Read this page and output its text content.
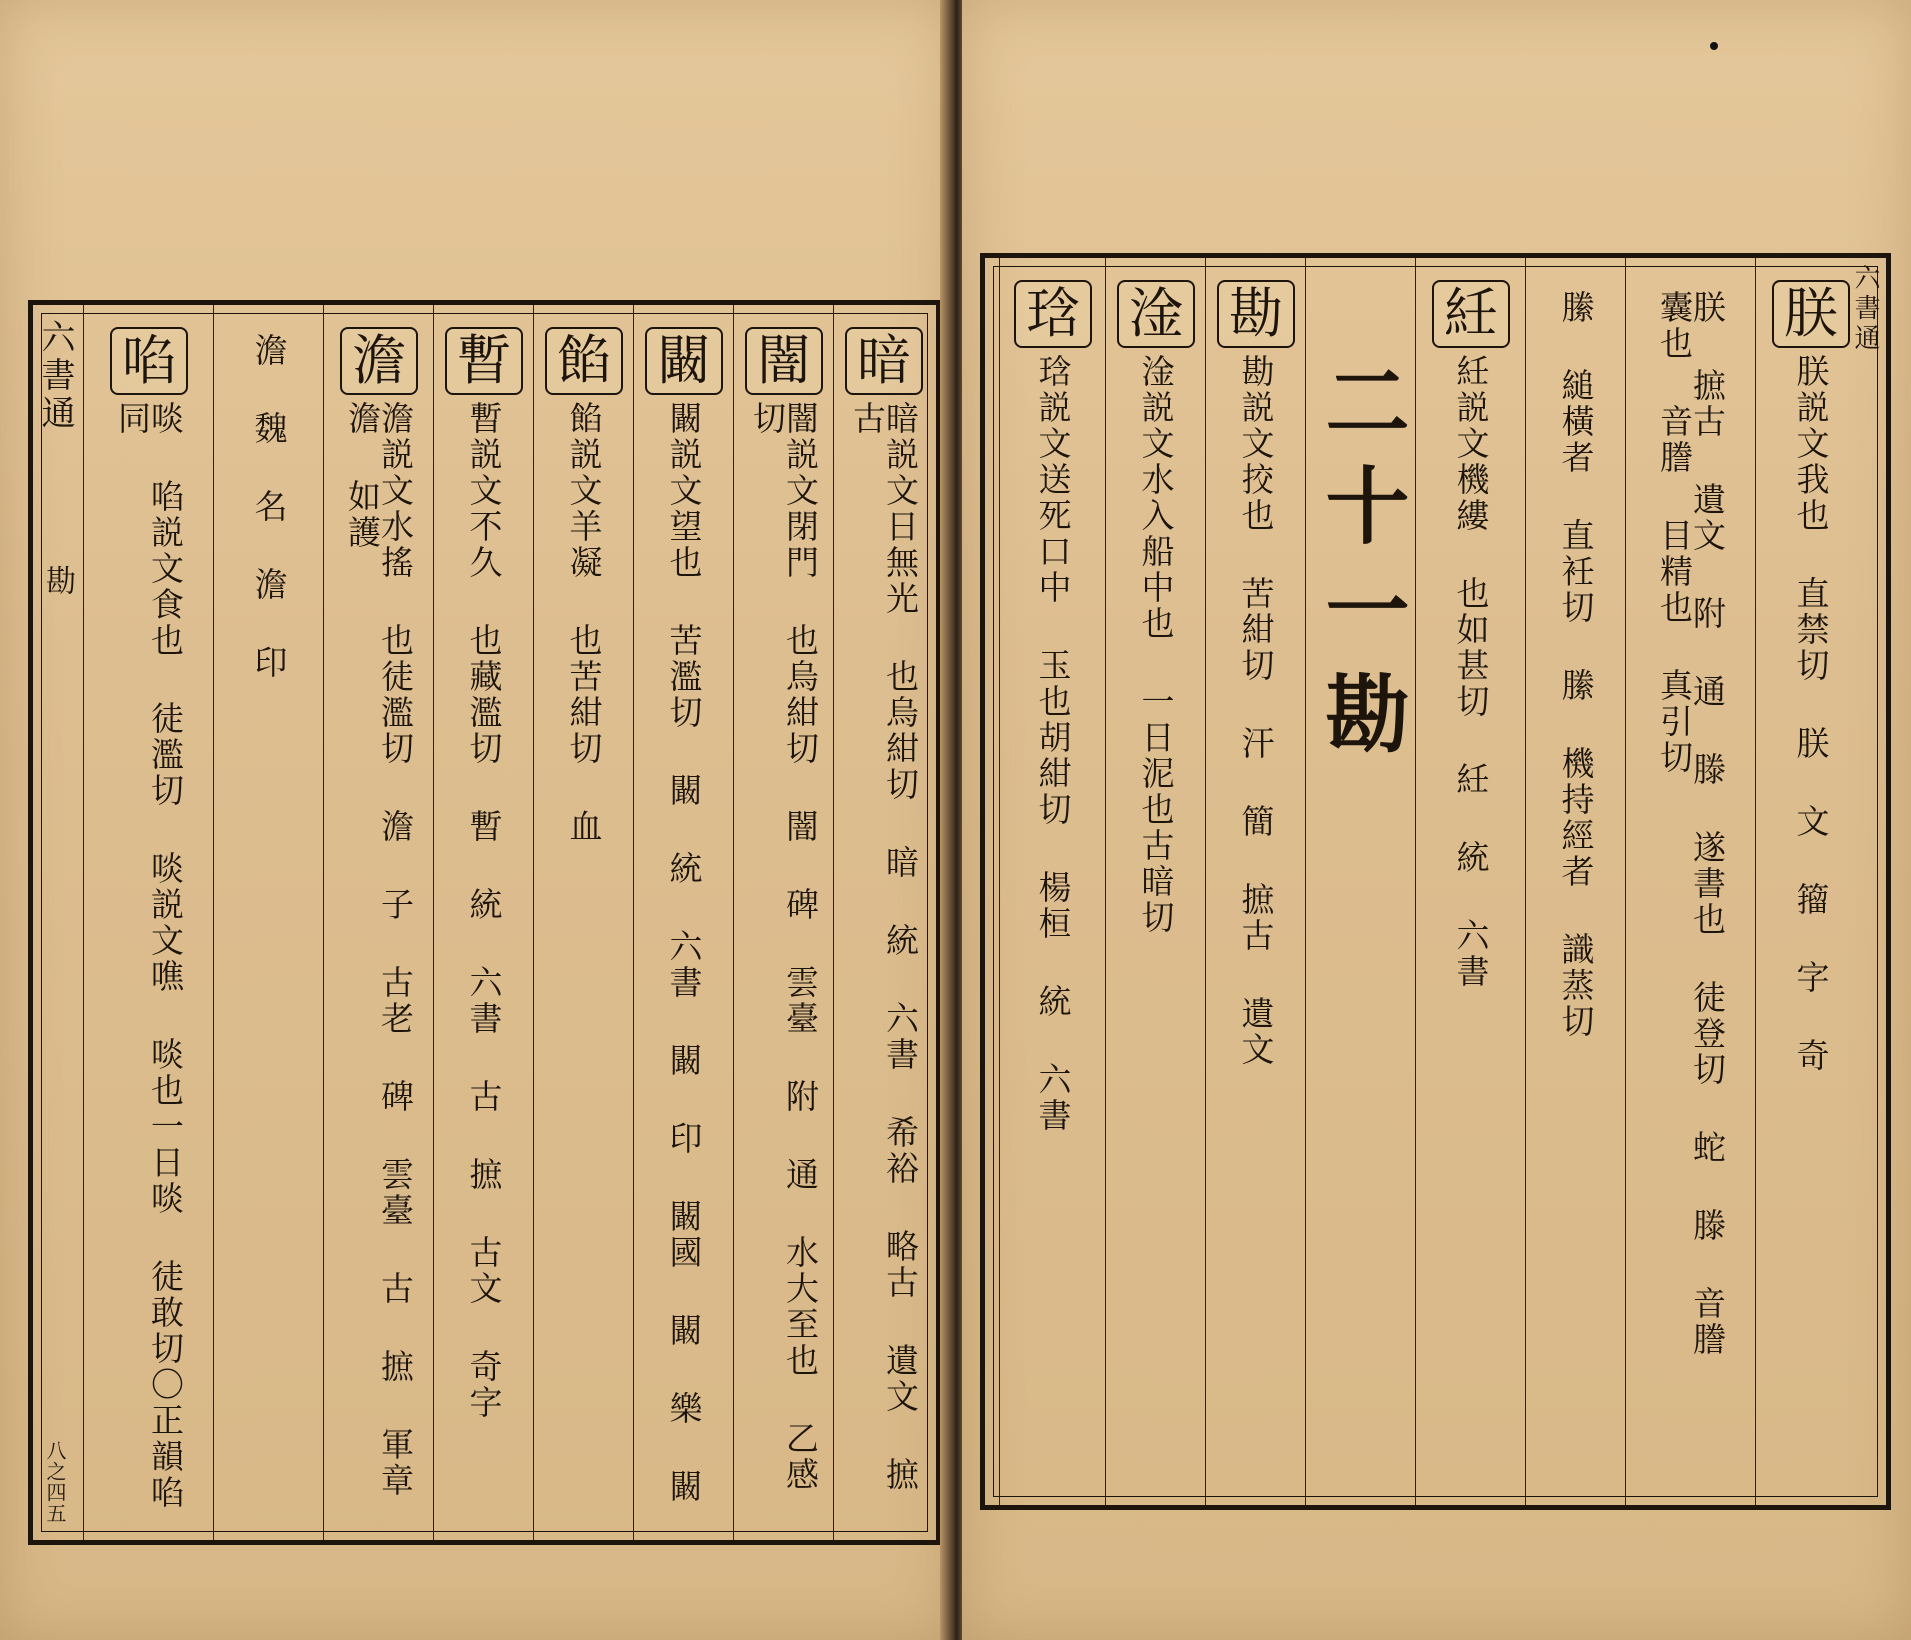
六書通
勘
八之四五
暗
暗説文日無光 也烏紺切 暗 統 六書 希裕 略古 遺文 摭古
闇
闇説文閉門 也烏紺切 闇 碑 雲臺 附 通 水大至也 乙感切
闞
闞説文望也 苦濫切 闞 統 六書 闞 印 闞國 闞 樂 闞
餡
餡説文羊凝 也苦紺切 血
暫
暫説文不久 也藏濫切 暫 統 六書 古 摭 古文 奇字
澹
澹説文水搖 也徒濫切 澹 子 古老 碑 雲臺 古 摭 軍章 澹 如護
澹 魏 名 澹 印
啗
啖 啗説文食也 徒濫切 啖説文噍 啖也一日啖 徒敢切〇正韻啗同
六書通
朕
朕説文我也 直禁切 朕 文 籀 字 奇
朕 摭古 遺文 附 通 滕 遂書也 徒登切 蛇 滕 音謄 囊也 音謄 目精也 真引切
縢 縋橫者 直衽切 縢 機持經者 識蒸切
紝
紝説文機縷 也如甚切 紝 統 六書
二十一勘
勘
勘説文挍也 苦紺切 汗 簡 摭古 遺文
淦
淦説文水入船中也 一日泥也古暗切
琀
琀説文送死口中 玉也胡紺切 楊桓 統 六書
